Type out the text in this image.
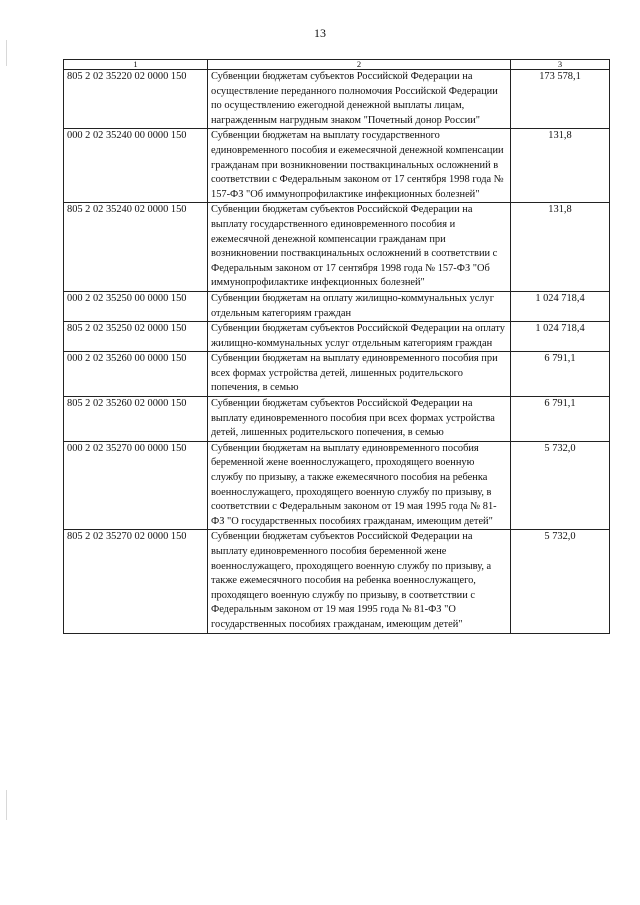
13
1	2	3
805 2 02 35220 02 0000 150	Субвенции бюджетам субъектов Российской Федерации на осуществление переданного полномочия Российской Федерации по осуществлению ежегодной денежной выплаты лицам, награжденным нагрудным знаком "Почетный донор России"	173 578,1
000 2 02 35240 00 0000 150	Субвенции бюджетам на выплату государственного единовременного пособия и ежемесячной денежной компенсации гражданам при возникновении поствакцинальных осложнений в соответствии с Федеральным законом от 17 сентября 1998 года № 157-ФЗ "Об иммунопрофилактике инфекционных болезней"	131,8
805 2 02 35240 02 0000 150	Субвенции бюджетам субъектов Российской Федерации на выплату государственного единовременного пособия и ежемесячной денежной компенсации гражданам при возникновении поствакцинальных осложнений в соответствии с Федеральным законом от 17 сентября 1998 года № 157-ФЗ "Об иммунопрофилактике инфекционных болезней"	131,8
000 2 02 35250 00 0000 150	Субвенции бюджетам на оплату жилищно-коммунальных услуг отдельным категориям граждан	1 024 718,4
805 2 02 35250 02 0000 150	Субвенции бюджетам субъектов Российской Федерации на оплату жилищно-коммунальных услуг отдельным категориям граждан	1 024 718,4
000 2 02 35260 00 0000 150	Субвенции бюджетам на выплату единовременного пособия при всех формах устройства детей, лишенных родительского попечения, в семью	6 791,1
805 2 02 35260 02 0000 150	Субвенции бюджетам субъектов Российской Федерации на выплату единовременного пособия при всех формах устройства детей, лишенных родительского попечения, в семью	6 791,1
000 2 02 35270 00 0000 150	Субвенции бюджетам на выплату единовременного пособия беременной жене военнослужащего, проходящего военную службу по призыву, а также ежемесячного пособия на ребенка военнослужащего, проходящего военную службу по призыву, в соответствии с Федеральным законом от 19 мая 1995 года № 81-ФЗ "О государственных пособиях гражданам, имеющим детей"	5 732,0
805 2 02 35270 02 0000 150	Субвенции бюджетам субъектов Российской Федерации на выплату единовременного пособия беременной жене военнослужащего, проходящего военную службу по призыву, а также ежемесячного пособия на ребенка военнослужащего, проходящего военную службу по призыву, в соответствии с Федеральным законом от 19 мая 1995 года № 81-ФЗ "О государственных пособиях гражданам, имеющим детей"	5 732,0
